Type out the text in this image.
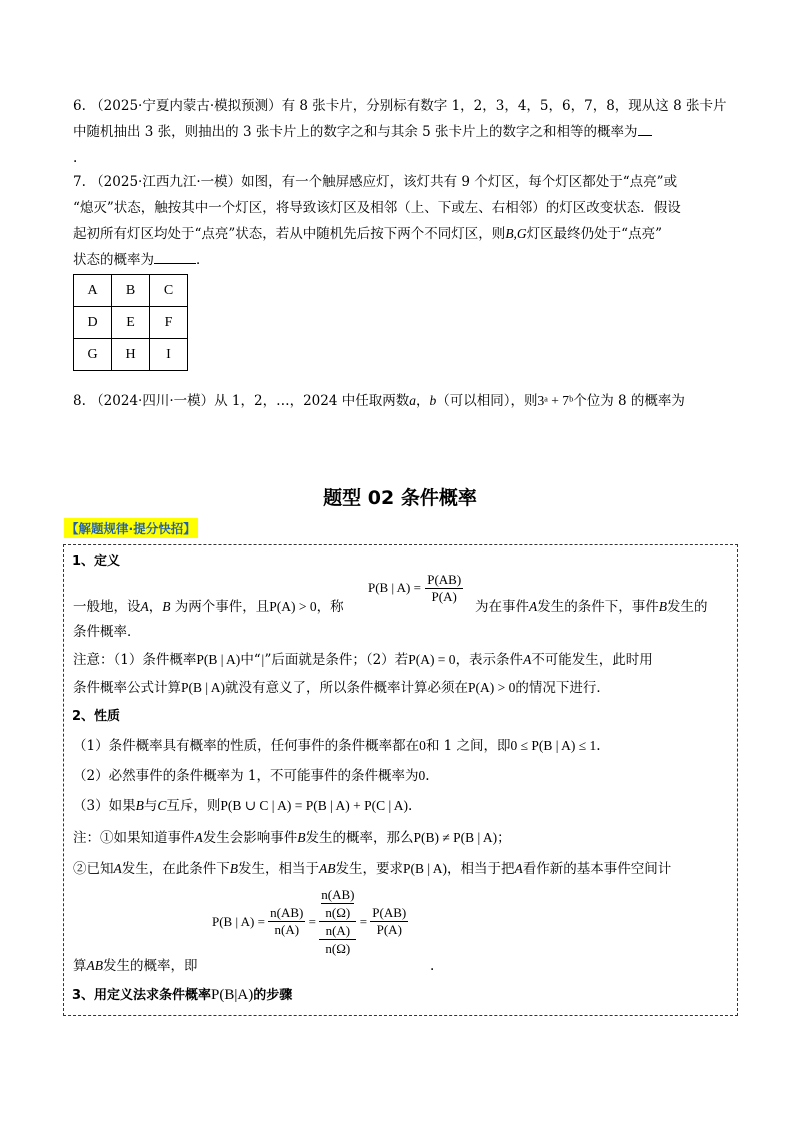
6. （2025·宁夏内蒙古·模拟预测）有 8 张卡片，分别标有数字 1，2，3，4，5，6，7，8，现从这 8 张卡片
中随机抽出 3 张，则抽出的 3 张卡片上的数字之和与其余 5 张卡片上的数字之和相等的概率为
.
7. （2025·江西九江·一模）如图，有一个触屏感应灯，该灯共有 9 个灯区，每个灯区都处于“点亮”或
“熄灭”状态，触按其中一个灯区，将导致该灯区及相邻（上、下或左、右相邻）的灯区改变状态．假设
起初所有灯区均处于“点亮”状态，若从中随机先后按下两个不同灯区，则B,G灯区最终仍处于“点亮”
状态的概率为	．
A	B	C
D	E	F
G	H	I
8. （2024·四川·一模）从 1，2，…，2024 中任取两数a，b（可以相同），则3ᵃ + 7ᵇ个位为 8 的概率为
题型 02 条件概率
【解题规律·提分快招】
1、定义
P(B | $A) = \frac{P(AB)}{P(A)}$
一般地，设A，B 为两个事件，且P(A) > 0，称	为在事件A发生的条件下，事件B发生的
条件概率．
注意：（1）条件概率P(B | A)中“|”后面就是条件；（2）若P(A) = 0，表示条件A不可能发生，此时用
条件概率公式计算P(B | A)就没有意义了，所以条件概率计算必须在P(A) > 0的情况下进行．
2、性质
（1）条件概率具有概率的性质，任何事件的条件概率都在0和 1 之间，即0 ≤ P(B | A) ≤ 1.
（2）必然事件的条件概率为 1，不可能事件的条件概率为0.
（3）如果B与C互斥，则P(B ∪ C | A) = P(B | A) + P(C | A).
注：①如果知道事件A发生会影响事件B发生的概率，那么P(B) ≠ P(B | A)；
②已知A发生，在此条件下B发生，相当于AB发生，要求P(B | A)，相当于把A看作新的基本事件空间计
P(B | $A) = \frac{n(AB)}{n(A)} = n(AB)$
n(Ω)
n(A)
$n(\Omega) = \frac{P(AB)}{P(A)}$
算AB发生的概率，即	.
3、用定义法求条件概率P(B|A)的步骤
